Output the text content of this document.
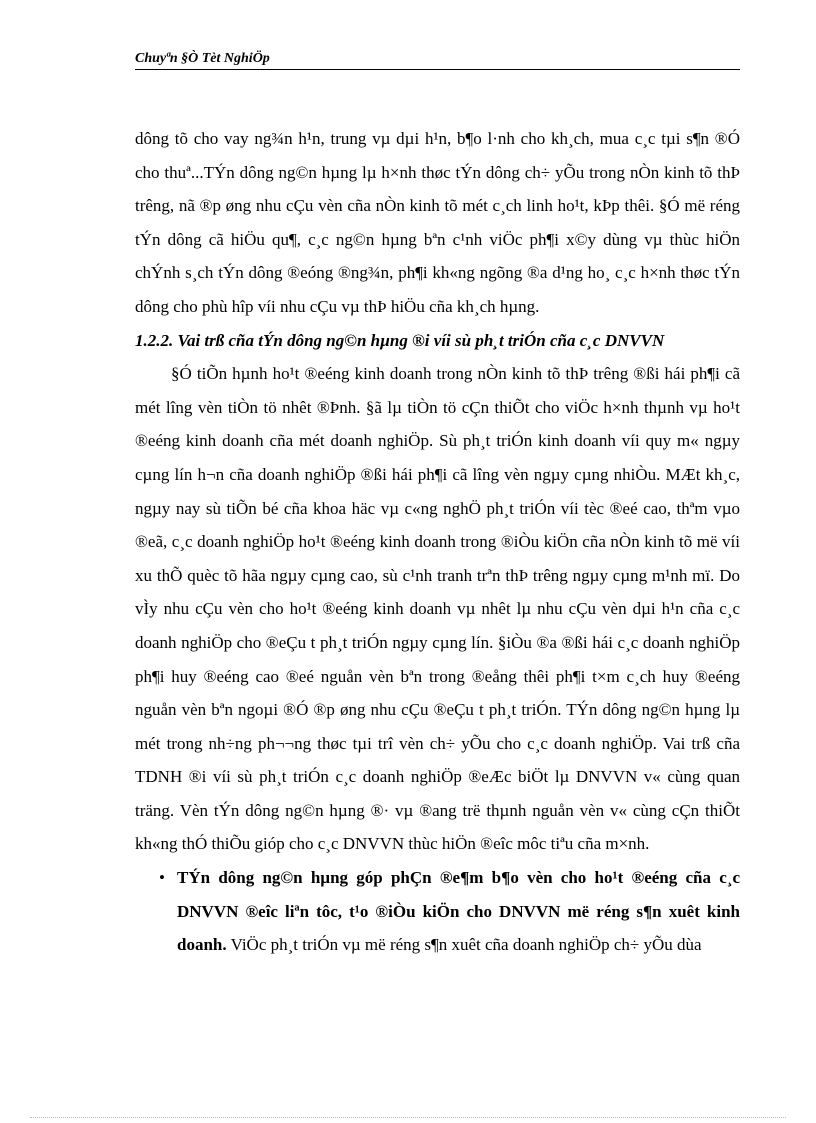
Chuyªn §Ò Tèt NghiÖp

dông tõ cho vay ng¾n h¹n, trung vµ dµi h¹n, b¶o l·nh cho kh¸ch, mua c¸c tµi s¶n ®Ó cho thuª...TÝn dông ng©n hµng lµ h×nh thøc tÝn dông ch÷ yÕu trong nÒn kinh tõ thÞ trêng, nã ®p øng nhu cÇu vèn cña nÒn kinh tõ mét c¸ch linh ho¹t, kÞp thêi. §Ó më réng tÝn dông cã hiÖu qu¶, c¸c ng©n hµng bªn c¹nh viÖc ph¶i x©y dùng vµ thùc hiÖn chÝnh s¸ch tÝn dông ®eóng ®ng¾n, ph¶i kh«ng ngõng ®a d¹ng ho¸ c¸c h×nh thøc tÝn dông cho phù hîp víi nhu cÇu vµ thÞ hiÖu cña kh¸ch hµng.

1.2.2. Vai trß cña tÝn dông ng©n hµng ®i víi sù ph¸t triÓn cña c¸c DNVVN

§Ó tiÕn hµnh ho¹t ®eéng kinh doanh trong nÒn kinh tõ thÞ trêng ®ßi hái ph¶i cã mét lîng vèn tiÒn tö nhêt ®Þnh. §ã lµ tiÒn tö cÇn thiÕt cho viÖc h×nh thµnh vµ ho¹t ®eéng kinh doanh cña mét doanh nghiÖp. Sù ph¸t triÓn kinh doanh víi quy m« ngµy cµng lín h¬n cña doanh nghiÖp ®ßi hái ph¶i cã lîng vèn ngµy cµng nhiÒu. MÆt kh¸c, ngµy nay sù tiÕn bé cña khoa häc vµ c«ng nghÖ ph¸t triÓn víi tèc ®eé cao, thªm vµo ®eã, c¸c doanh nghiÖp ho¹t ®eéng kinh doanh trong ®iÒu kiÖn cña nÒn kinh tõ më víi xu thÕ quèc tõ hãa ngµy cµng cao, sù c¹nh tranh trªn thÞ trêng ngµy cµng m¹nh mï. Do vÌy nhu cÇu vèn cho ho¹t ®eéng kinh doanh vµ nhêt lµ nhu cÇu vèn dµi h¹n cña c¸c doanh nghiÖp cho ®eÇu t ph¸t triÓn ngµy cµng lín. §iÒu ®a ®ßi hái c¸c doanh nghiÖp ph¶i huy ®eéng cao ®eé nguån vèn bªn trong ®eång thêi ph¶i t×m c¸ch huy ®eéng nguån vèn bªn ngoµi ®Ó ®p øng nhu cÇu ®eÇu t ph¸t triÓn. TÝn dông ng©n hµng lµ mét trong nh÷ng ph¬¬ng thøc tµi trî vèn ch÷ yÕu cho c¸c doanh nghiÖp. Vai trß cña TDNH ®i víi sù ph¸t triÓn c¸c doanh nghiÖp ®eÆc biÖt lµ DNVVN v« cùng quan träng. Vèn tÝn dông ng©n hµng ®· vµ ®ang trë thµnh nguån vèn v« cùng cÇn thiÕt kh«ng thÓ thiÕu gióp cho c¸c DNVVN thùc hiÖn ®eîc môc tiªu cña m×nh.

• TÝn dông ng©n hµng góp phÇn ®e¶m b¶o vèn cho ho¹t ®eéng cña c¸c DNVVN ®eîc liªn tôc, t¹o ®iÒu kiÖn cho DNVVN më réng s¶n xuêt kinh doanh. ViÖc ph¸t triÓn vµ më réng s¶n xuêt cña doanh nghiÖp ch÷ yÕu dùa
